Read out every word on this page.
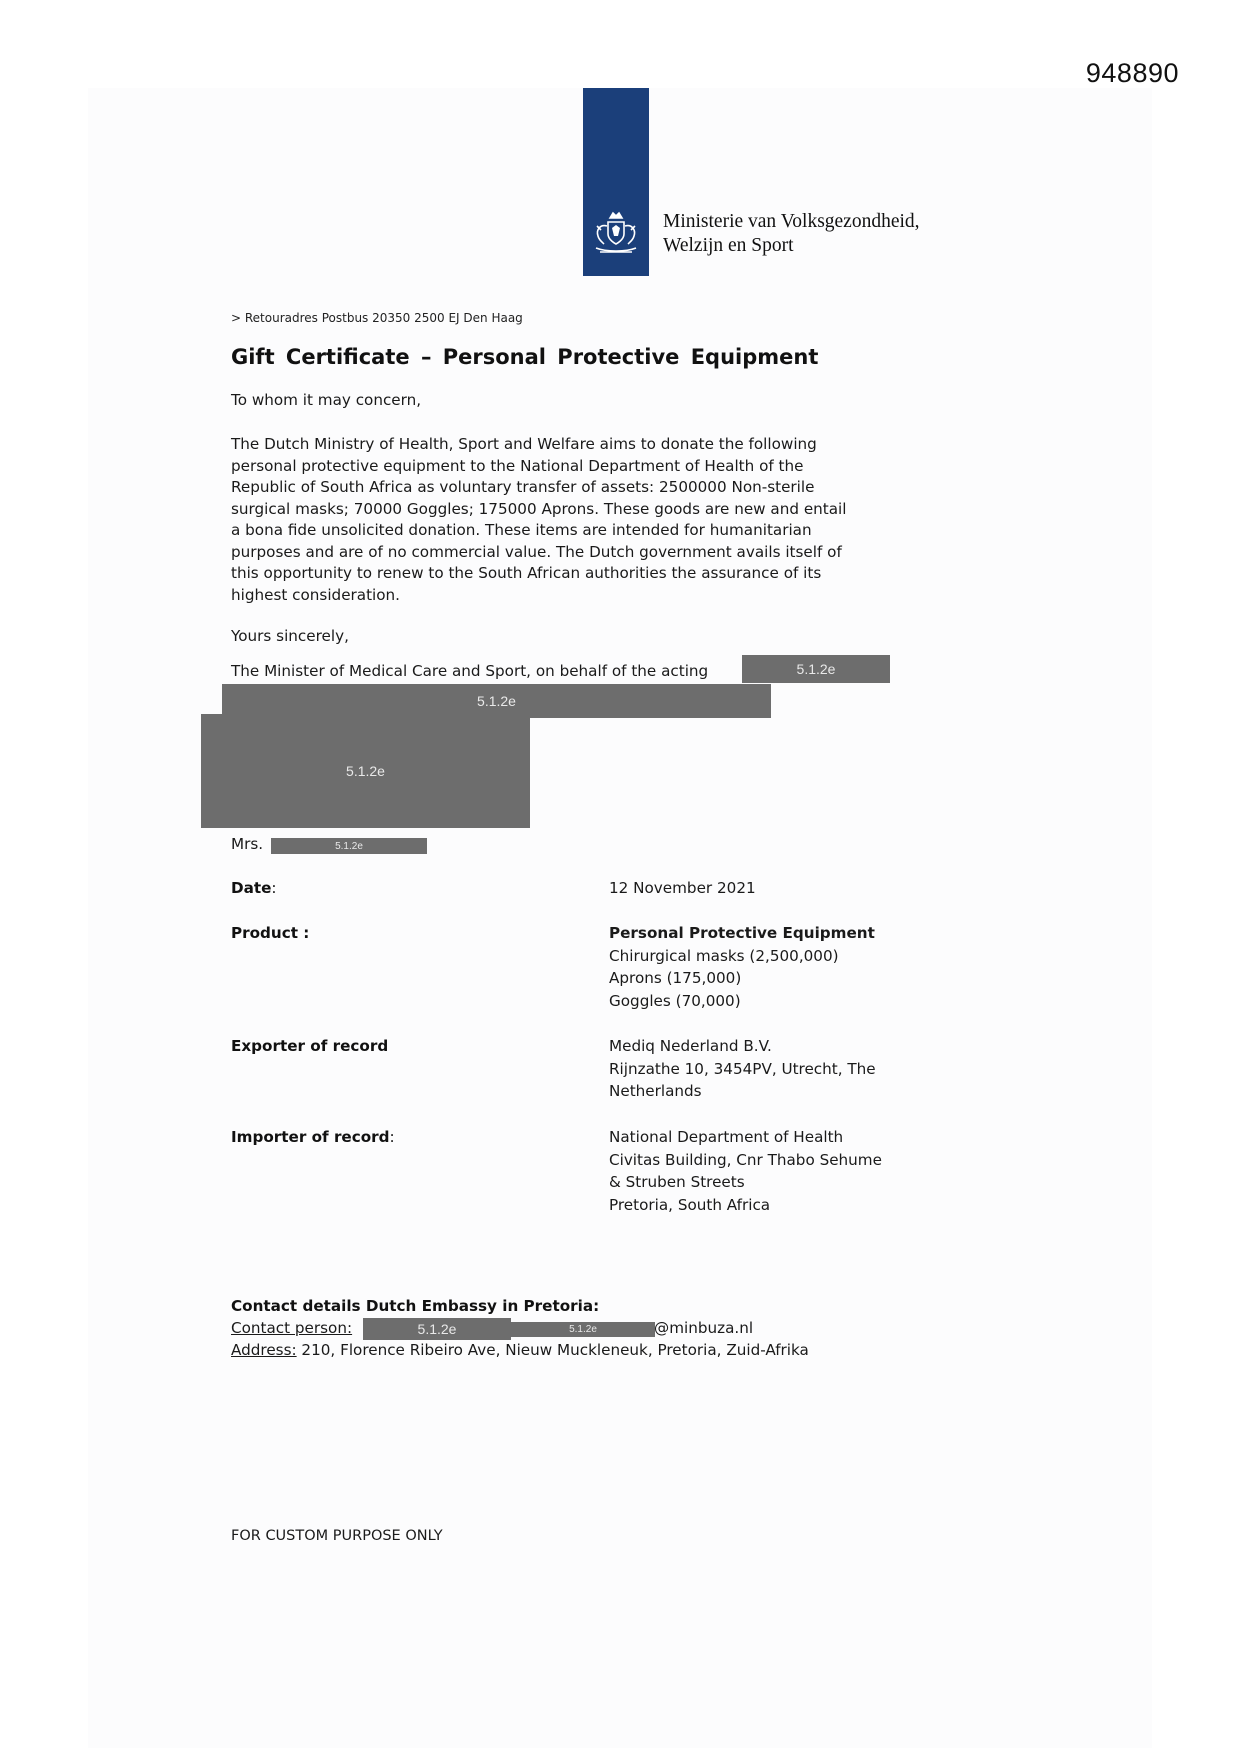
948890
Ministerie van Volksgezondheid,
Welzijn en Sport
> Retouradres Postbus 20350 2500 EJ Den Haag
Gift Certificate – Personal Protective Equipment

To whom it may concern,

The Dutch Ministry of Health, Sport and Welfare aims to donate the following
personal protective equipment to the National Department of Health of the
Republic of South Africa as voluntary transfer of assets: 2500000 Non-sterile
surgical masks; 70000 Goggles; 175000 Aprons. These goods are new and entail
a bona fide unsolicited donation. These items are intended for humanitarian
purposes and are of no commercial value. The Dutch government avails itself of
this opportunity to renew to the South African authorities the assurance of its
highest consideration.

Yours sincerely,

The Minister of Medical Care and Sport, on behalf of the acting	5.1.2e
5.1.2e
5.1.2e
Mrs.	5.1.2e
Date:	12 November 2021
Product :	Personal Protective Equipment
Chirurgical masks (2,500,000)
Aprons (175,000)
Goggles (70,000)
Exporter of record	Mediq Nederland B.V.
Rijnzathe 10, 3454PV, Utrecht, The
Netherlands
Importer of record:	National Department of Health
Civitas Building, Cnr Thabo Sehume
& Struben Streets
Pretoria, South Africa

Contact details Dutch Embassy in Pretoria:

Contact person:	5.1.2e	5.1.2e	@minbuza.nl
Address: 210, Florence Ribeiro Ave, Nieuw Muckleneuk, Pretoria, Zuid-Afrika
FOR CUSTOM PURPOSE ONLY
